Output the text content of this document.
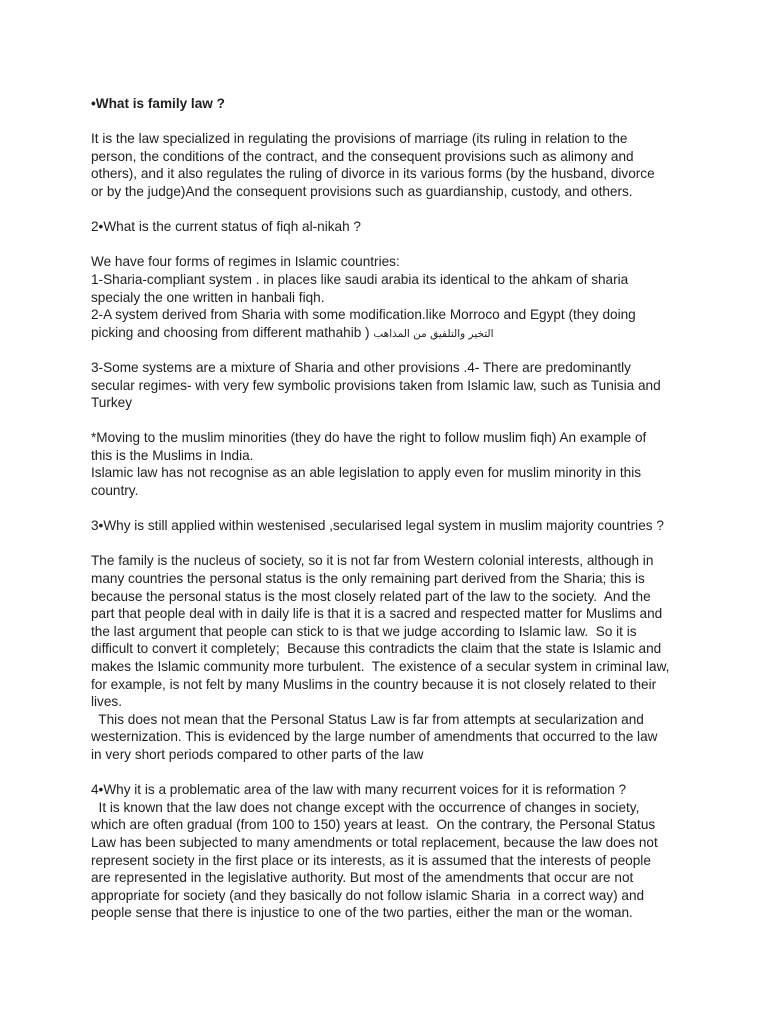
•What is family law ?
It is the law specialized in regulating the provisions of marriage (its ruling in relation to the
person, the conditions of the contract, and the consequent provisions such as alimony and
others), and it also regulates the ruling of divorce in its various forms (by the husband, divorce
or by the judge)And the consequent provisions such as guardianship, custody, and others.
2•What is the current status of fiqh al-nikah ?
We have four forms of regimes in Islamic countries:
1-Sharia-compliant system . in places like saudi arabia its identical to the ahkam of sharia
specialy the one written in hanbali fiqh.
2-A system derived from Sharia with some modification.like Morroco and Egypt (they doing
picking and choosing from different mathahib ) التخير والتلفيق من المذاهب
3-Some systems are a mixture of Sharia and other provisions .4- There are predominantly
secular regimes- with very few symbolic provisions taken from Islamic law, such as Tunisia and
Turkey
*Moving to the muslim minorities (they do have the right to follow muslim fiqh) An example of
this is the Muslims in India.
Islamic law has not recognise as an able legislation to apply even for muslim minority in this
country.
3•Why is still applied within westenised ,secularised legal system in muslim majority countries ?
The family is the nucleus of society, so it is not far from Western colonial interests, although in
many countries the personal status is the only remaining part derived from the Sharia; this is
because the personal status is the most closely related part of the law to the society.  And the
part that people deal with in daily life is that it is a sacred and respected matter for Muslims and
the last argument that people can stick to is that we judge according to Islamic law.  So it is
difficult to convert it completely;  Because this contradicts the claim that the state is Islamic and
makes the Islamic community more turbulent.  The existence of a secular system in criminal law,
for example, is not felt by many Muslims in the country because it is not closely related to their
lives.
This does not mean that the Personal Status Law is far from attempts at secularization and
westernization. This is evidenced by the large number of amendments that occurred to the law
in very short periods compared to other parts of the law
4•Why it is a problematic area of the law with many recurrent voices for it is reformation ?
It is known that the law does not change except with the occurrence of changes in society,
which are often gradual (from 100 to 150) years at least.  On the contrary, the Personal Status
Law has been subjected to many amendments or total replacement, because the law does not
represent society in the first place or its interests, as it is assumed that the interests of people
are represented in the legislative authority. But most of the amendments that occur are not
appropriate for society (and they basically do not follow islamic Sharia  in a correct way) and
people sense that there is injustice to one of the two parties, either the man or the woman.
